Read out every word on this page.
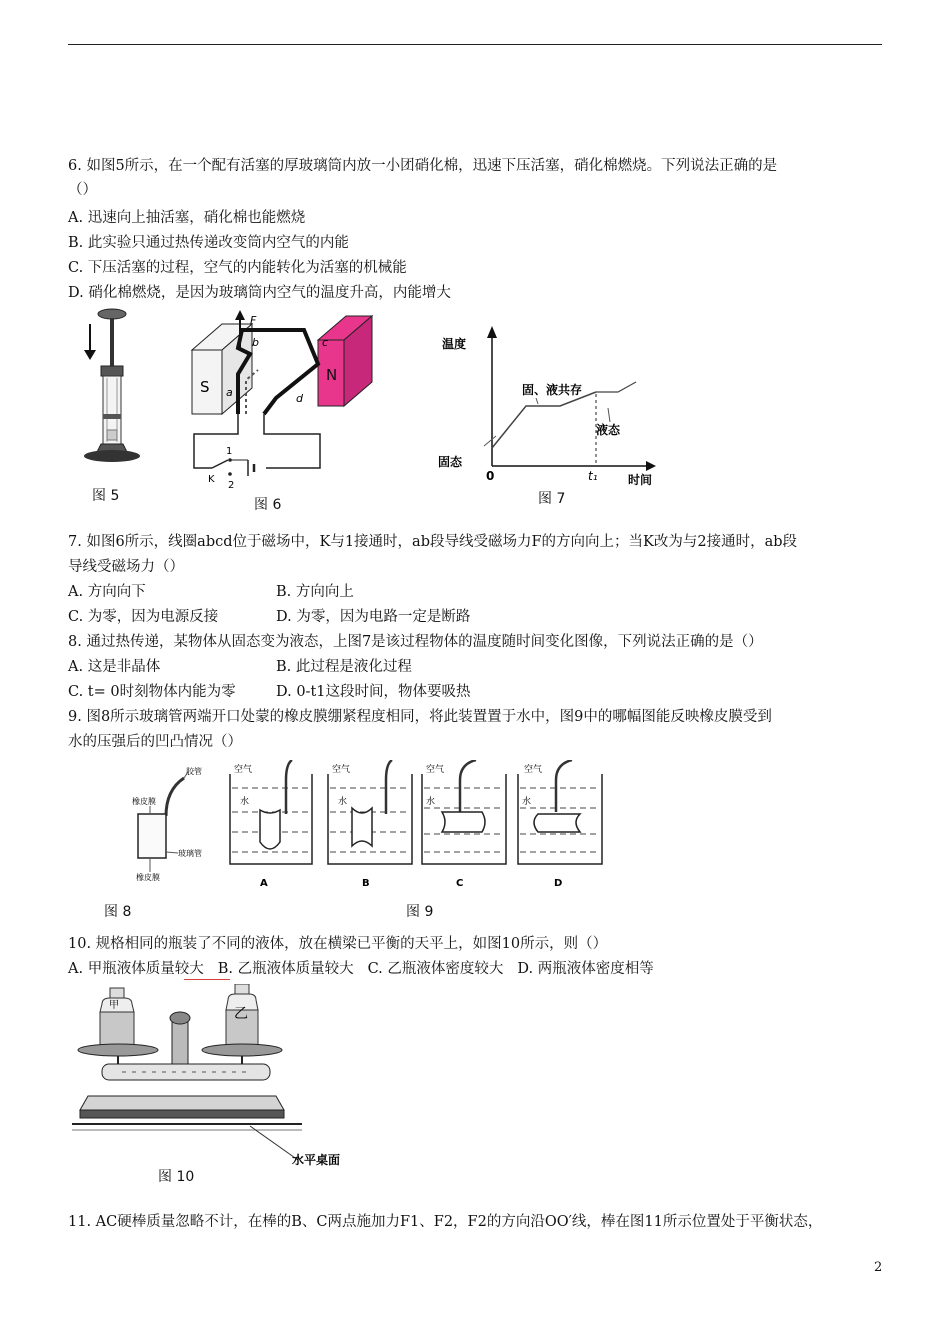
6. 如图5所示，在一个配有活塞的厚玻璃筒内放一小团硝化棉，迅速下压活塞，硝化棉燃烧。下列说法正确的是
（）
A. 迅速向上抽活塞，硝化棉也能燃烧
B. 此实验只通过热传递改变筒内空气的内能
C. 下压活塞的过程，空气的内能转化为活塞的机械能
D. 硝化棉燃烧，是因为玻璃筒内空气的温度升高，内能增大
图 5
S
N
F
b	c
a	d
1
2
K
图 6
温度
时间
固态
固、液共存
液态
0	t₁
图 7
7. 如图6所示，线圈abcd位于磁场中，K与1接通时，ab段导线受磁场力F的方向向上；当K改为与2接通时，ab段
导线受磁场力（）
A. 方向向下	B. 方向向上
C. 为零，因为电源反接	D. 为零，因为电路一定是断路
8. 通过热传递，某物体从固态变为液态，上图7是该过程物体的温度随时间变化图像，下列说法正确的是（）
A. 这是非晶体	B. 此过程是液化过程
C. t= 0时刻物体内能为零	D. 0-t1这段时间，物体要吸热
9. 图8所示玻璃管两端开口处蒙的橡皮膜绷紧程度相同，将此装置置于水中，图9中的哪幅图能反映橡皮膜受到
水的压强后的凹凸情况（）
胶管
橡皮膜
玻璃管
橡皮膜
图 8
空气
水
A
空气
水
B
空气
水
C
空气
水
D
图 9
10. 规格相同的瓶装了不同的液体，放在横梁已平衡的天平上，如图10所示，则（）
A. 甲瓶液体质量较大 B. 乙瓶液体质量较大 C. 乙瓶液体密度较大 D. 两瓶液体密度相等
甲
乙
水平桌面
图 10
11. AC硬棒质量忽略不计，在棒的B、C两点施加力F1、F2，F2的方向沿OO′线，棒在图11所示位置处于平衡状态，
2
